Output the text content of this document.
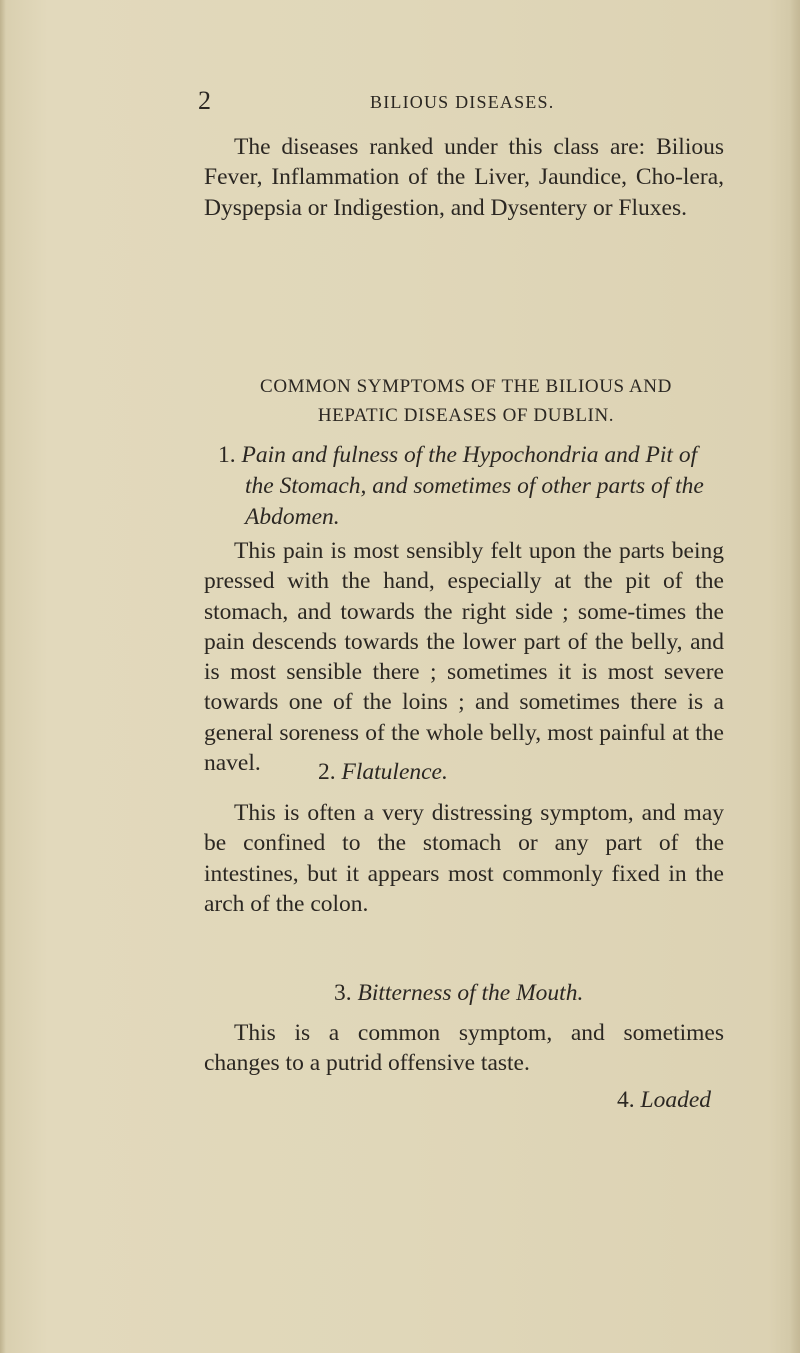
2	BILIOUS DISEASES.

The diseases ranked under this class are: Bilious Fever, Inflammation of the Liver, Jaundice, Cho-lera, Dyspepsia or Indigestion, and Dysentery or Fluxes.

COMMON SYMPTOMS OF THE BILIOUS AND
HEPATIC DISEASES OF DUBLIN.
1. Pain and fulness of the Hypochondria and Pit of the Stomach, and sometimes of other parts of the Abdomen.

This pain is most sensibly felt upon the parts being pressed with the hand, especially at the pit of the stomach, and towards the right side ; some-times the pain descends towards the lower part of the belly, and is most sensible there ; sometimes it is most severe towards one of the loins ; and sometimes there is a general soreness of the whole belly, most painful at the navel.	2. Flatulence.

This is often a very distressing symptom, and may be confined to the stomach or any part of the intestines, but it appears most commonly fixed in the arch of the colon.

3. Bitterness of the Mouth.

This is a common symptom, and sometimes changes to a putrid offensive taste.

4. Loaded
